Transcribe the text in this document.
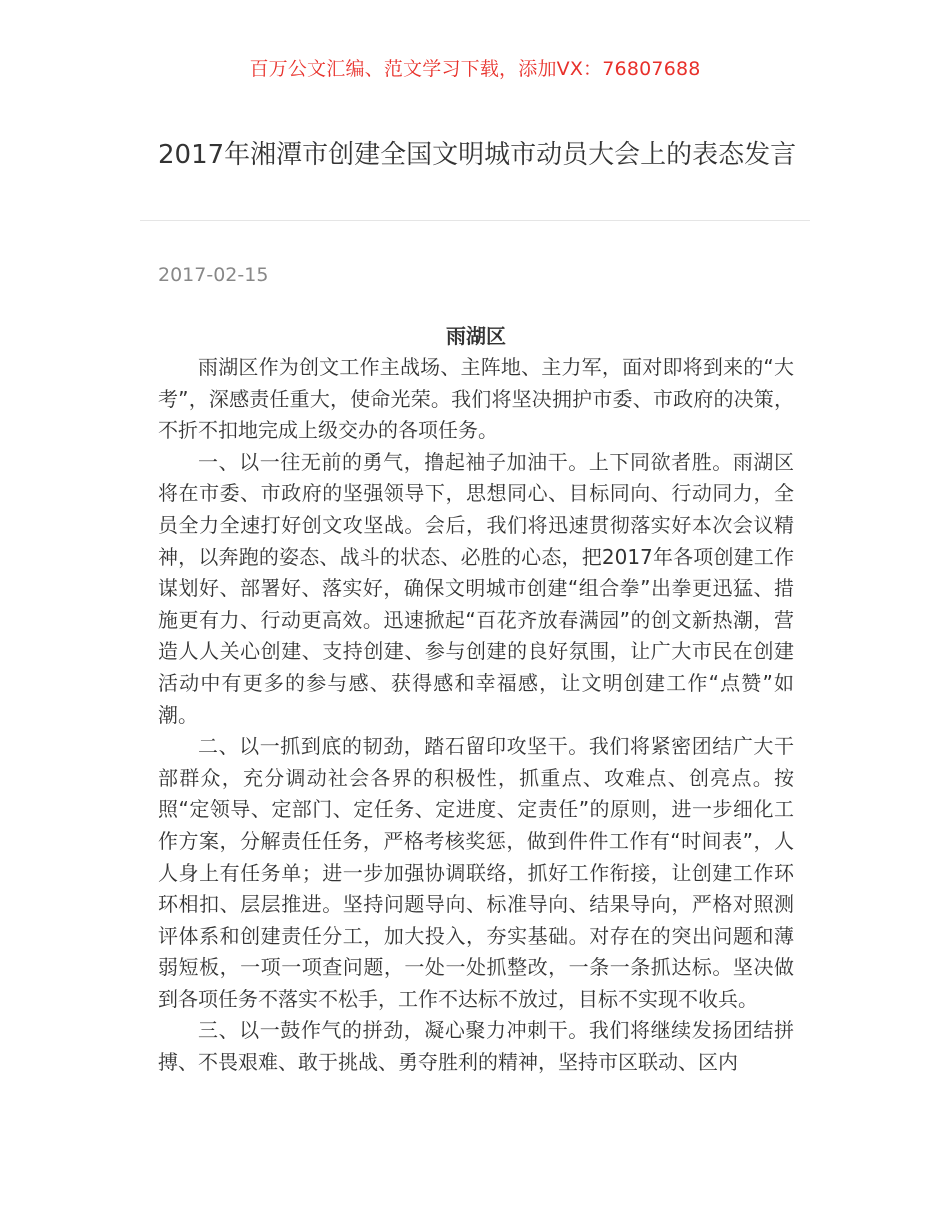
百万公文汇编、范文学习下载，添加VX：76807688
2017年湘潭市创建全国文明城市动员大会上的表态发言
2017-02-15

雨湖区

雨湖区作为创文工作主战场、主阵地、主力军，面对即将到来的“大考”，深感责任重大，使命光荣。我们将坚决拥护市委、市政府的决策，不折不扣地完成上级交办的各项任务。

一、以一往无前的勇气，撸起袖子加油干。上下同欲者胜。雨湖区将在市委、市政府的坚强领导下，思想同心、目标同向、行动同力，全员全力全速打好创文攻坚战。会后，我们将迅速贯彻落实好本次会议精神，以奔跑的姿态、战斗的状态、必胜的心态，把2017年各项创建工作谋划好、部署好、落实好，确保文明城市创建“组合拳”出拳更迅猛、措施更有力、行动更高效。迅速掀起“百花齐放春满园”的创文新热潮，营造人人关心创建、支持创建、参与创建的良好氛围，让广大市民在创建活动中有更多的参与感、获得感和幸福感，让文明创建工作“点赞”如潮。

二、以一抓到底的韧劲，踏石留印攻坚干。我们将紧密团结广大干部群众，充分调动社会各界的积极性，抓重点、攻难点、创亮点。按照“定领导、定部门、定任务、定进度、定责任”的原则，进一步细化工作方案，分解责任任务，严格考核奖惩，做到件件工作有“时间表”，人人身上有任务单；进一步加强协调联络，抓好工作衔接，让创建工作环环相扣、层层推进。坚持问题导向、标准导向、结果导向，严格对照测评体系和创建责任分工，加大投入，夯实基础。对存在的突出问题和薄弱短板，一项一项查问题，一处一处抓整改，一条一条抓达标。坚决做到各项任务不落实不松手，工作不达标不放过，目标不实现不收兵。

三、以一鼓作气的拼劲，凝心聚力冲刺干。我们将继续发扬团结拼搏、不畏艰难、敢于挑战、勇夺胜利的精神，坚持市区联动、区内
